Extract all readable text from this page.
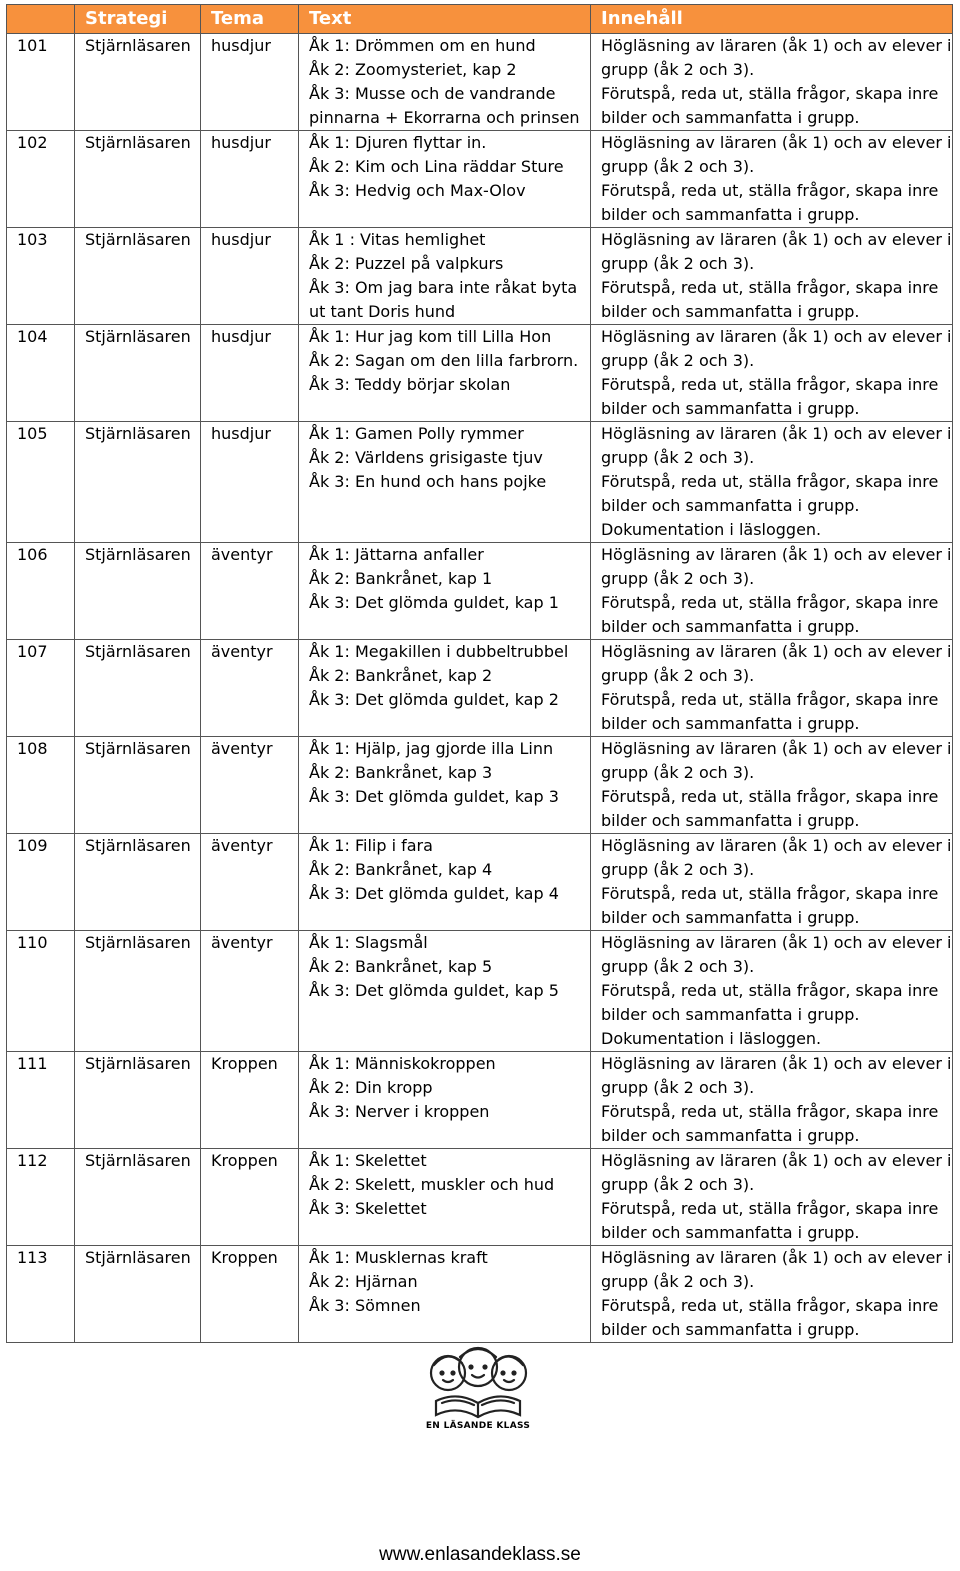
	Strategi	Tema	Text	Innehåll
101	Stjärnläsaren	husdjur	Åk 1: Drömmen om en hund
Åk 2: Zoomysteriet, kap 2
Åk 3: Musse och de vandrande
pinnarna + Ekorrarna och prinsen	Högläsning av läraren (åk 1) och av elever i
grupp (åk 2 och 3).
Förutspå, reda ut, ställa frågor, skapa inre
bilder och sammanfatta i grupp.

102	Stjärnläsaren	husdjur	Åk 1: Djuren flyttar in.
Åk 2: Kim och Lina räddar Sture
Åk 3: Hedvig och Max-Olov	Högläsning av läraren (åk 1) och av elever i
grupp (åk 2 och 3).
Förutspå, reda ut, ställa frågor, skapa inre
bilder och sammanfatta i grupp.

103	Stjärnläsaren	husdjur	Åk 1 : Vitas hemlighet
Åk 2: Puzzel på valpkurs
Åk 3: Om jag bara inte råkat byta
ut tant Doris hund	Högläsning av läraren (åk 1) och av elever i
grupp (åk 2 och 3).
Förutspå, reda ut, ställa frågor, skapa inre
bilder och sammanfatta i grupp.

104	Stjärnläsaren	husdjur	Åk 1: Hur jag kom till Lilla Hon
Åk 2: Sagan om den lilla farbrorn.
Åk 3: Teddy börjar skolan	Högläsning av läraren (åk 1) och av elever i
grupp (åk 2 och 3).
Förutspå, reda ut, ställa frågor, skapa inre
bilder och sammanfatta i grupp.

105	Stjärnläsaren	husdjur	Åk 1: Gamen Polly rymmer
Åk 2: Världens grisigaste tjuv
Åk 3: En hund och hans pojke	Högläsning av läraren (åk 1) och av elever i
grupp (åk 2 och 3).
Förutspå, reda ut, ställa frågor, skapa inre
bilder och sammanfatta i grupp.
Dokumentation i läsloggen.

106	Stjärnläsaren	äventyr	Åk 1: Jättarna anfaller
Åk 2: Bankrånet, kap 1
Åk 3: Det glömda guldet, kap 1	Högläsning av läraren (åk 1) och av elever i
grupp (åk 2 och 3).
Förutspå, reda ut, ställa frågor, skapa inre
bilder och sammanfatta i grupp.

107	Stjärnläsaren	äventyr	Åk 1: Megakillen i dubbeltrubbel
Åk 2: Bankrånet, kap 2
Åk 3: Det glömda guldet, kap 2	Högläsning av läraren (åk 1) och av elever i
grupp (åk 2 och 3).
Förutspå, reda ut, ställa frågor, skapa inre
bilder och sammanfatta i grupp.

108	Stjärnläsaren	äventyr	Åk 1: Hjälp, jag gjorde illa Linn
Åk 2: Bankrånet, kap 3
Åk 3: Det glömda guldet, kap 3	Högläsning av läraren (åk 1) och av elever i
grupp (åk 2 och 3).
Förutspå, reda ut, ställa frågor, skapa inre
bilder och sammanfatta i grupp.

109	Stjärnläsaren	äventyr	Åk 1: Filip i fara
Åk 2: Bankrånet, kap 4
Åk 3: Det glömda guldet, kap 4	Högläsning av läraren (åk 1) och av elever i
grupp (åk 2 och 3).
Förutspå, reda ut, ställa frågor, skapa inre
bilder och sammanfatta i grupp.

110	Stjärnläsaren	äventyr	Åk 1: Slagsmål
Åk 2: Bankrånet, kap 5
Åk 3: Det glömda guldet, kap 5	Högläsning av läraren (åk 1) och av elever i
grupp (åk 2 och 3).
Förutspå, reda ut, ställa frågor, skapa inre
bilder och sammanfatta i grupp.
Dokumentation i läsloggen.

111	Stjärnläsaren	Kroppen	Åk 1: Människokroppen
Åk 2: Din kropp
Åk 3: Nerver i kroppen	Högläsning av läraren (åk 1) och av elever i
grupp (åk 2 och 3).
Förutspå, reda ut, ställa frågor, skapa inre
bilder och sammanfatta i grupp.

112	Stjärnläsaren	Kroppen	Åk 1: Skelettet
Åk 2: Skelett, muskler och hud
Åk 3: Skelettet	Högläsning av läraren (åk 1) och av elever i
grupp (åk 2 och 3).
Förutspå, reda ut, ställa frågor, skapa inre
bilder och sammanfatta i grupp.

113	Stjärnläsaren	Kroppen	Åk 1: Musklernas kraft
Åk 2: Hjärnan
Åk 3: Sömnen	Högläsning av läraren (åk 1) och av elever i
grupp (åk 2 och 3).
Förutspå, reda ut, ställa frågor, skapa inre
bilder och sammanfatta i grupp.
EN LÄSANDE KLASS
www.enlasandeklass.se
